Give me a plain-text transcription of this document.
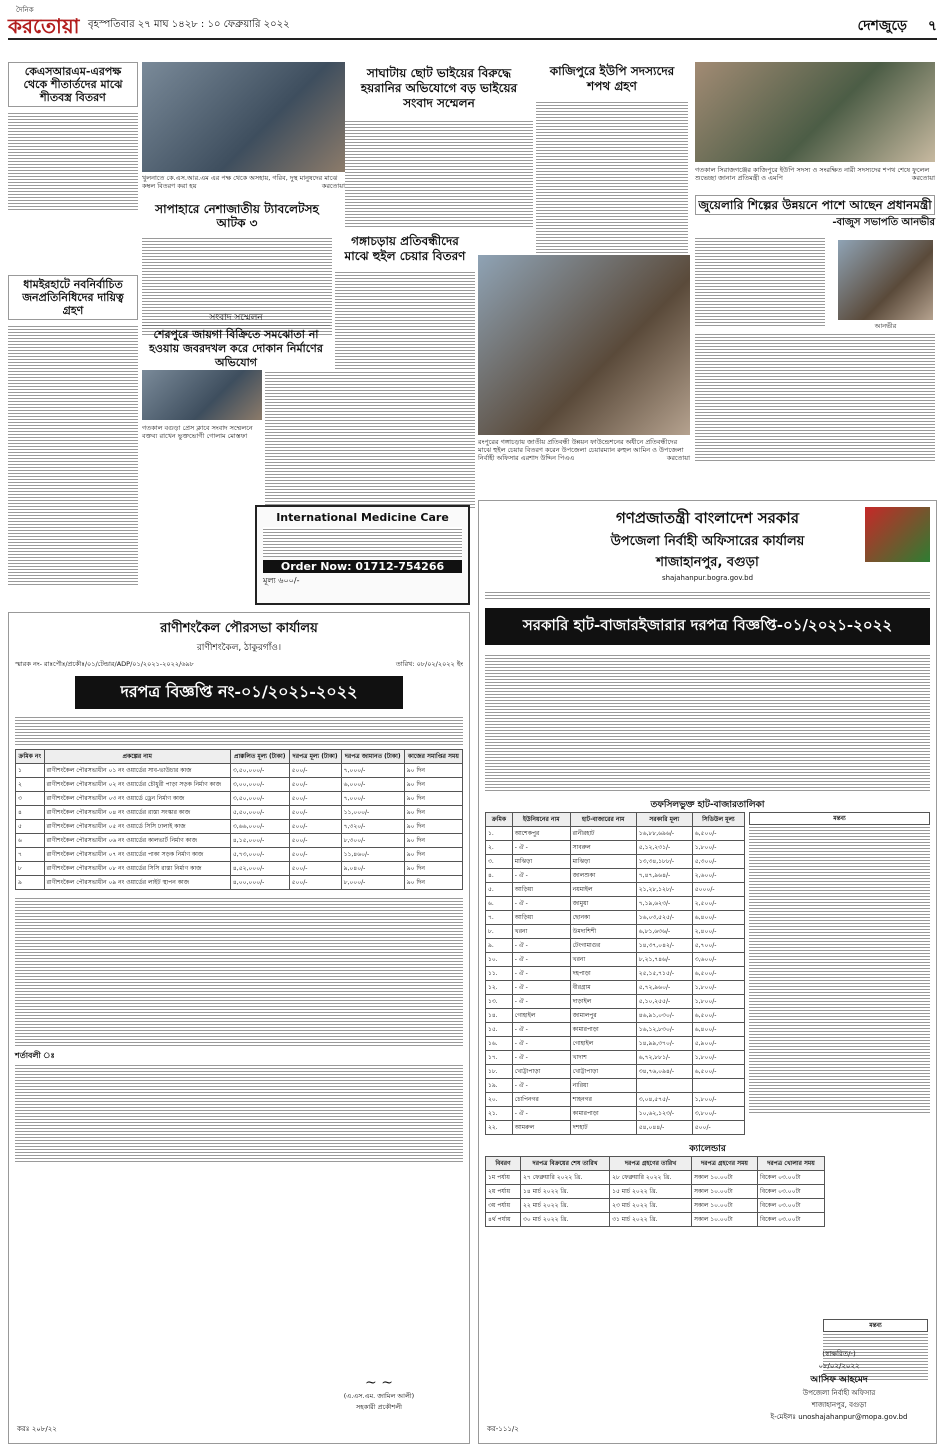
দৈনিক
করতোয়া বৃহস্পতিবার ২৭ মাঘ ১৪২৮ : ১০ ফেব্রুয়ারি ২০২২	দেশজুড়ে ৭
কেএসআরএম-এরপক্ষ থেকে শীতার্তদের মাঝে শীতবস্ত্র বিতরণ
খুলনাতে কে.এস.আর.এম এর পক্ষ থেকে অসহায়, গরিব, দুস্থ মানুষদের মাঝে কম্বল বিতরণ করা হয়	করতোয়া
ধামইরহাটে নবনির্বাচিত জনপ্রতিনিধিদের দায়িত্ব গ্রহণ
সাঘাটায় ছোট ভাইয়ের বিরুদ্ধে হয়রানির অভিযোগে বড় ভাইয়ের সংবাদ সম্মেলন
কাজিপুরে ইউপি সদস্যদের শপথ গ্রহণ
গতকাল সিরাজগঞ্জের কাজিপুরে ইউপি সদস্য ও সংরক্ষিত নারী সদস্যদের শপথ শেষে ফুলেল শুভেচ্ছা জানান প্রতিমন্ত্রী ও এমপি	করতোয়া
জুয়েলারি শিল্পের উন্নয়নে পাশে আছেন প্রধানমন্ত্রী
-বাজুস সভাপতি আনভীর
আনভীর
সাপাহারে নেশাজাতীয় ট্যাবলেটসহ আটক ৩
গঙ্গাচড়ায় প্রতিবন্ধীদের মাঝে হুইল চেয়ার বিতরণ
রংপুরের গঙ্গাচড়ায় জাতীয় প্রতিবন্ধী উন্নয়ন ফাউন্ডেশনের অধীনে প্রতিবন্ধীদের মাঝে হুইল চেয়ার বিতরণ করেন উপজেলা চেয়ারম্যান রুহুল আমিন ও উপজেলা নির্বাহী অফিসার এরশাদ উদ্দিন পিএএ	করতোয়া
সংবাদ সম্মেলন
শেরপুরে জায়গা বিক্রিতে সমঝোতা না হওয়ায় জবরদখল করে দোকান নির্মাণের অভিযোগ
গতকাল বগুড়া প্রেস ক্লাবে সংবাদ সম্মেলনে বক্তব্য রাখেন ভুক্তভোগী গোলাম মোস্তফা
International Medicine Care
Order Now: 01712-754266
মূল্য ৬০০/-
রাণীশংকৈল পৌরসভা কার্যালয়
রাণীশংকৈল, ঠাকুরগাঁও।
স্মারক নং- রাঃপৌঃ/প্রকৌঃ/০১/টেন্ডার/ADP/০১/২০২১-২০২২/৬৯৮	তারিখ: ০৮/০২/২০২২ ইং
দরপত্র বিজ্ঞপ্তি নং-০১/২০২১-২০২২
ক্রমিক নং	প্রকল্পের নাম	প্রাক্কলিত মূল্য (টাকা)	দরপত্র মূল্য (টাকা)	দরপত্র জামানত (টাকা)	কাজের সমাপ্তির সময়
১	রাণীশংকৈল পৌরসভাধীন ০১ নং ওয়ার্ডের সাব-ভাউচার কাজ	৩,৫০,০০০/-	৫০০/-	৭,০০০/-	৯০ দিন
২	রাণীশংকৈল পৌরসভাধীন ০২ নং ওয়ার্ডের চৌধুরী পাড়া সড়ক নির্মাণ কাজ	৩,০০,০০০/-	৫০০/-	৬,০০০/-	৯০ দিন
৩	রাণীশংকৈল পৌরসভাধীন ০৩ নং ওয়ার্ডে ড্রেন নির্মাণ কাজ	৩,৫০,০০০/-	৫০০/-	৭,০০০/-	৯০ দিন
৪	রাণীশংকৈল পৌরসভাধীন ০৪ নং ওয়ার্ডের রাস্তা সংস্কার কাজ	৫,৫০,০০০/-	৫০০/-	১১,০০০/-	৯০ দিন
৫	রাণীশংকৈল পৌরসভাধীন ০৫ নং ওয়ার্ডে সিসি ঢালাই কাজ	৩,৬৬,০০০/-	৫০০/-	৭,৩২০/-	৯০ দিন
৬	রাণীশংকৈল পৌরসভাধীন ০৬ নং ওয়ার্ডের কালভার্ট নির্মাণ কাজ	৪,১৫,০০০/-	৫০০/-	৮,৩০০/-	৯০ দিন
৭	রাণীশংকৈল পৌরসভাধীন ০৭ নং ওয়ার্ডের পাকা সড়ক নির্মাণ কাজ	৫,৭৩,০০০/-	৫০০/-	১১,৪৬০/-	৯০ দিন
৮	রাণীশংকৈল পৌরসভাধীন ০৮ নং ওয়ার্ডের সিসি রাস্তা নির্মাণ কাজ	৪,৫২,০০০/-	৫০০/-	৯,০৪০/-	৯০ দিন
৯	রাণীশংকৈল পৌরসভাধীন ০৯ নং ওয়ার্ডের লাইট স্থাপন কাজ	৪,০০,০০০/-	৫০০/-	৮,০০০/-	৯০ দিন
শর্তাবলী ঃ
~ ~
(এ.এস.এম. জামিল আলী)
সহকারী প্রকৌশলী
করঃ ২০৮/২২
গণপ্রজাতন্ত্রী বাংলাদেশ সরকার
উপজেলা নির্বাহী অফিসারের কার্যালয়
শাজাহানপুর, বগুড়া
shajahanpur.bogra.gov.bd
সরকারি হাট-বাজারইজারার দরপত্র বিজ্ঞপ্তি-০১/২০২১-২০২২
তফসিলভুক্ত হাট-বাজারতালিকা
ক্রমিক	ইউনিয়নের নাম	হাট-বাজারের নাম	সরকারি মূল্য	সিডিউল মূল্য
১.	আশেকপুর	রানীরহাট	১৬,৮৮,৬৯৬/-	৬,৫০০/-
২.	- ঐ -	সাবরুল	৫,১২,২৩১/-	১,৮০০/-
৩.	মাঝিড়া	মাঝিড়া	১৩,৩৪,১৮৮/-	৫,৩০০/-
৪.	- ঐ -	জালশুকা	৭,৪৭,৯৬৪/-	২,৬০০/-
৫.	আড়িয়া	নয়মাইল	২১,২৮,১২৮/-	৫০০০/-
৬.	- ঐ -	জামুয়া	৭,১৯,৬২৩/-	২,৫০০/-
৭.	আড়িয়া	ছোনকা	১৬,০৩,৫২৫/-	৬,৪০০/-
৮.	খরনা	উমদাশিশী	৬,৮১,৬৩৬/-	২,৪০০/-
৯.	- ঐ -	টেংগামাগুর	১৪,৩৭,০৪২/-	৫,৭০০/-
১০.	- ঐ -	খরনা	৮,২১,৭৪৬/-	৩,৬০০/-
১১.	- ঐ -	দহপাড়া	২৫,১৫,৭১৫/-	৬,৫০০/-
১২.	- ঐ -	বীরগ্রাম	৫,৭২,৯৬০/-	১,৮০০/-
১৩.	- ঐ -	দাড়াইল	৫,১০,২৫৫/-	১,৮০০/-
১৪.	গোহাইল	জামালপুর	৪৬,৯১,০৩০/-	৬,৫০০/-
১৫.	- ঐ -	কামারপাড়া	১৬,১২,৮৩০/-	৬,৪০০/-
১৬.	- ঐ -	গোহাইল	১৪,৯৯,৩৭০/-	৫,৯০০/-
১৭.	- ঐ -	খাদাশ	৬,৭২,৮৮১/-	১,৮০০/-
১৮.	খোট্টাপাড়া	খোট্টাপাড়া	৩৪,৭৬,০৯৪/-	৬,৫০০/-
১৯.	- ঐ -	নারিয়া		
২০.	চোপিনগর	শাহনগর	৩,০৪,৫৭৫/-	১,৮০০/-
২১.	- ঐ -	কামারপাড়া	১০,৬২,১২৩/-	৩,৮০০/-
২২.	আমরুল	দশহাট	৫৪,০৪৪/-	৫০০/-
মন্তব্য
ক্যালেন্ডার
বিবরণ	দরপত্র বিক্রয়ের শেষ তারিখ	দরপত্র গ্রহণের তারিখ	দরপত্র গ্রহণের সময়	দরপত্র খোলার সময়
১ম পর্যায়	২৭ ফেব্রুয়ারি ২০২২ খ্রি.	২৮ ফেব্রুয়ারি ২০২২ খ্রি.	সকাল ১০.০০টা	বিকেল ০৩.০০টা
২য় পর্যায়	১৪ মার্চ ২০২২ খ্রি.	১৫ মার্চ ২০২২ খ্রি.	সকাল ১০.০০টা	বিকেল ০৩.০০টা
৩য় পর্যায়	২২ মার্চ ২০২২ খ্রি.	২৩ মার্চ ২০২২ খ্রি.	সকাল ১০.০০টা	বিকেল ০৩.০০টা
৪র্থ পর্যায়	৩০ মার্চ ২০২২ খ্রি.	৩১ মার্চ ২০২২ খ্রি.	সকাল ১০.০০টা	বিকেল ০৩.০০টা
মন্তব্য
(স্বাক্ষরিত/-)
০৮/০২/২০২২
আসিফ আহমেদ
উপজেলা নির্বাহী অফিসার
শাজাহানপুর, বগুড়া
ই-মেইলঃ unoshajahanpur@mopa.gov.bd
কর-১১১/২
